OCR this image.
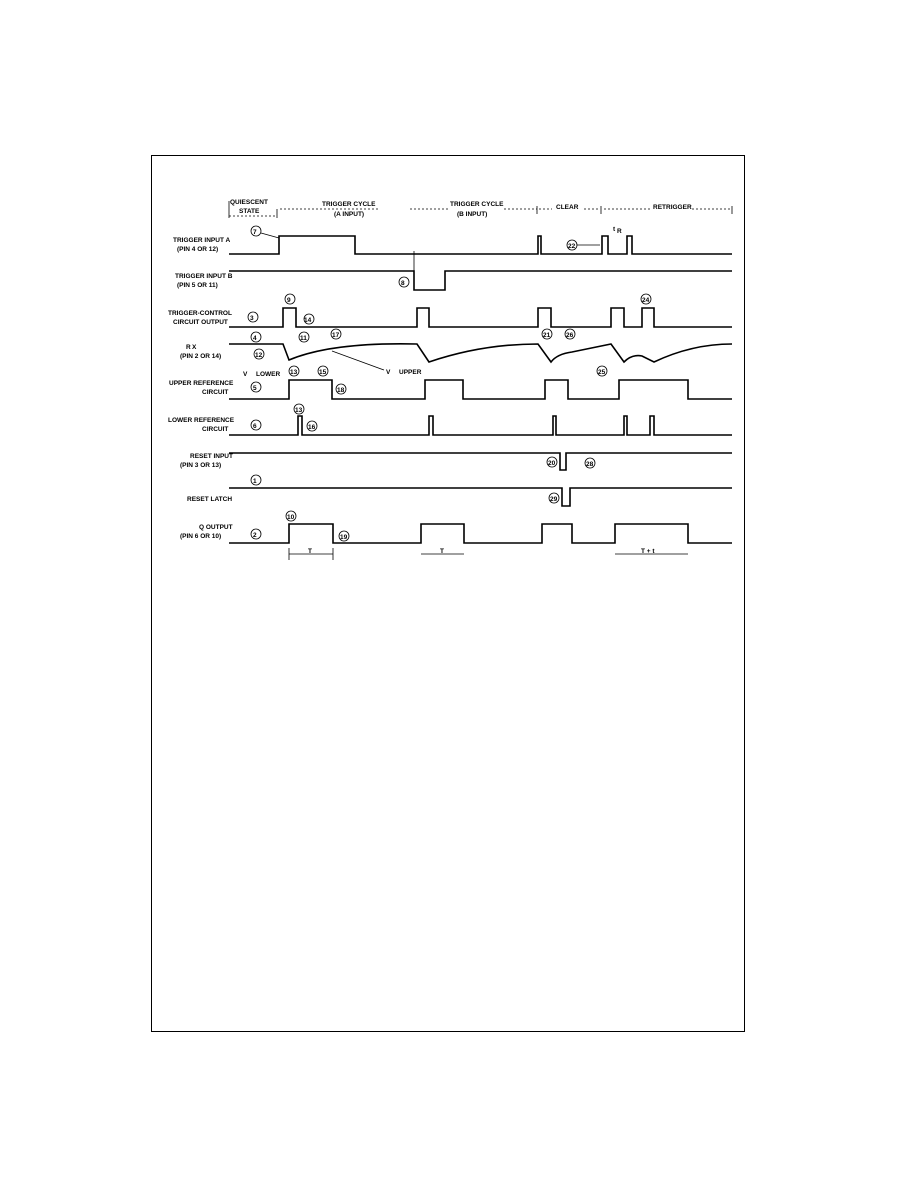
QUIESCENT
STATE
TRIGGER CYCLE
(A INPUT)
TRIGGER CYCLE
(B INPUT)
CLEAR	RETRIGGER
TRIGGER INPUT A
(PIN 4 OR 12)
TRIGGER INPUT B
(PIN 5 OR 11)
TRIGGER-CONTROL
CIRCUIT OUTPUT
R X
(PIN 2 OR 14)
UPPER REFERENCE
CIRCUIT
LOWER REFERENCE
CIRCUIT
RESET INPUT
(PIN 3 OR 13)
RESET LATCH
Q OUTPUT
(PIN 6 OR 10)
T	T	T + t
V LOWER	V UPPER
t R
7
8
9
3	14
4	11
12
13	15
17
5	18
13
16
6
1
10
2	19
20
22
21
25
24
26
28
29
